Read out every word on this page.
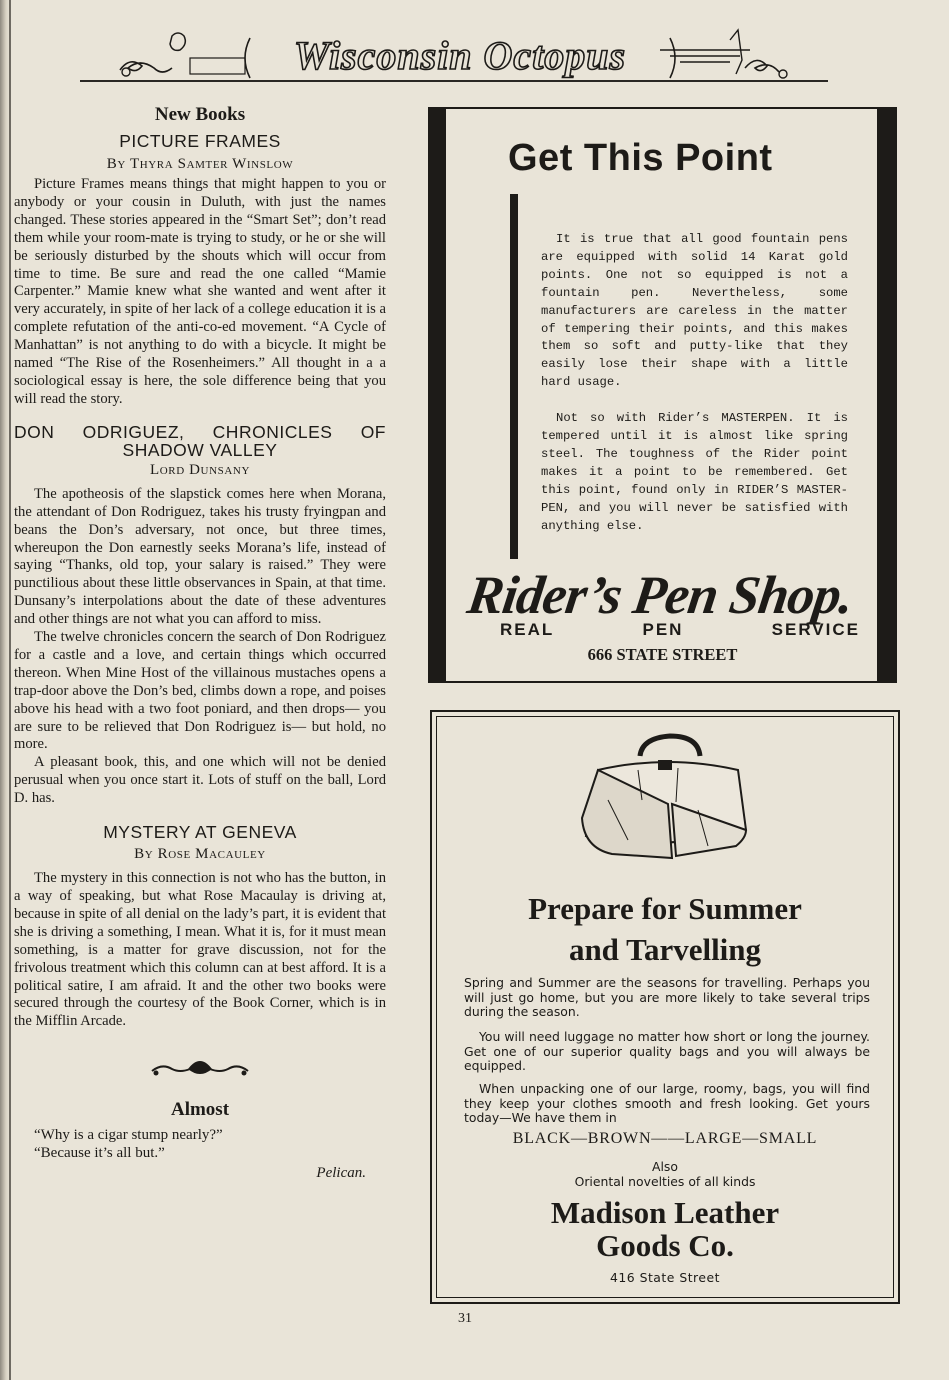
Wisconsin Octopus

New Books

PICTURE FRAMES

By Thyra Samter Winslow

Picture Frames means things that might happen to you or anybody or your cousin in Duluth, with just the names changed. These stories appeared in the “Smart Set”; don’t read them while your room-mate is trying to study, or he or she will be seriously disturbed by the shouts which will occur from time to time. Be sure and read the one called “Mamie Carpenter.” Mamie knew what she wanted and went after it very accurately, in spite of her lack of a college education it is a complete refutation of the anti-co-ed movement. “A Cycle of Manhattan” is not anything to do with a bicycle. It might be named “The Rise of the Rosenheimers.” All thought in a a sociological essay is here, the sole difference being that you will read the story.

DON ODRIGUEZ, CHRONICLES OF

SHADOW VALLEY

Lord Dunsany

The apotheosis of the slapstick comes here when Morana, the attendant of Don Rodriguez, takes his trusty fryingpan and beans the Don’s adversary, not once, but three times, whereupon the Don earnestly seeks Morana’s life, instead of saying “Thanks, old top, your salary is raised.” They were punctilious about these little observances in Spain, at that time. Dunsany’s interpolations about the date of these adventures and other things are not what you can afford to miss.

The twelve chronicles concern the search of Don Rodriguez for a castle and a love, and certain things which occurred thereon. When Mine Host of the villainous mustaches opens a trap-door above the Don’s bed, climbs down a rope, and poises above his head with a two foot poniard, and then drops— you are sure to be relieved that Don Rodriguez is— but hold, no more.

A pleasant book, this, and one which will not be denied perusual when you once start it. Lots of stuff on the ball, Lord D. has.

MYSTERY AT GENEVA

By Rose Macauley

The mystery in this connection is not who has the button, in a way of speaking, but what Rose Macaulay is driving at, because in spite of all denial on the lady’s part, it is evident that she is driving a something, I mean. What it is, for it must mean something, is a matter for grave discussion, not for the frivolous treatment which this column can at best afford. It is a political satire, I am afraid. It and the other two books were secured through the courtesy of the Book Corner, which is in the Mifflin Arcade.

Almost

“Why is a cigar stump nearly?”

“Because it’s all but.”

Pelican.

Get This Point

It is true that all good fountain pens are equipped with solid 14 Karat gold points. One not so equipped is not a fountain pen. Nevertheless, some manufacturers are careless in the matter of tempering their points, and this makes them so soft and putty-like that they easily lose their shape with a little hard usage.

Not so with Rider’s MASTERPEN. It is tempered until it is almost like spring steel. The toughness of the Rider point makes it a point to be remembered. Get this point, found only in RIDER’S MASTER-PEN, and you will never be satisfied with anything else.

Rider’s Pen Shop.
REAL	PEN	SERVICE

666 STATE STREET

Prepare for Summer
and Tarvelling

Spring and Summer are the seasons for travelling. Perhaps you will just go home, but you are more likely to take several trips during the season.

You will need luggage no matter how short or long the journey. Get one of our superior quality bags and you will always be equipped.

When unpacking one of our large, roomy, bags, you will find they keep your clothes smooth and fresh looking. Get yours today—We have them in

BLACK—BROWN——LARGE—SMALL

Also
Oriental novelties of all kinds
Madison Leather
Goods Co.

416 State Street

31
